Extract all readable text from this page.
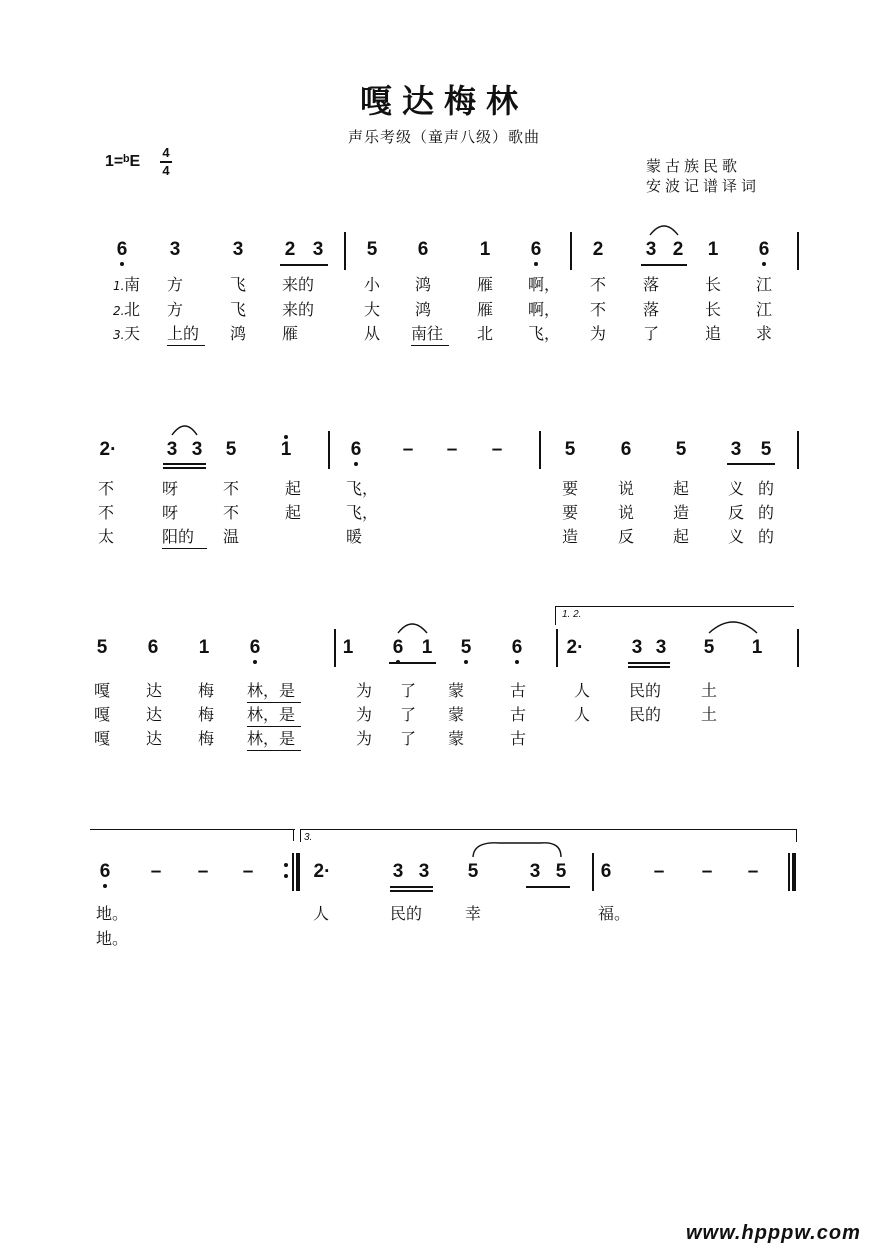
嘎达梅林
声乐考级（童声八级）歌曲
1=ᵇE
4
4	蒙古族民歌
安波记谱译词
6	3	3	2 3	5	6	1	6	2	3 2	1	6
1. 南 方	飞 来的	小 鸿	雁 啊， 不 落	长 江
2. 北 方	飞 来的	大 鸿	雁 啊， 不 落	长 江
3. 天 上的 鸿 雁	从 南往 北 飞， 为 了	追 求
2·	3 3	5	1	6	–	–	–	5	6	5	3	5
不	呀	不	起	飞，	要 说 起 义 的
不	呀	不	起	飞，	要 说 造 反 的
太	阳的 温	暖	造 反 起 义 的
1. 2.
5	6	1	6	1	6 1	5	6	2·	3 3	5	1
嘎 达 梅 林，是	为 了 蒙	古	人 民的 土
嘎 达 梅 林，是	为 了 蒙	古	人 民的 土
嘎 达 梅 林，是	为 了 蒙	古
3.
6	–	–	–	2·	3 3	5	3 5	6	–	–	–
地。	人	民的	幸	福。
地。
www.hpppw.com
